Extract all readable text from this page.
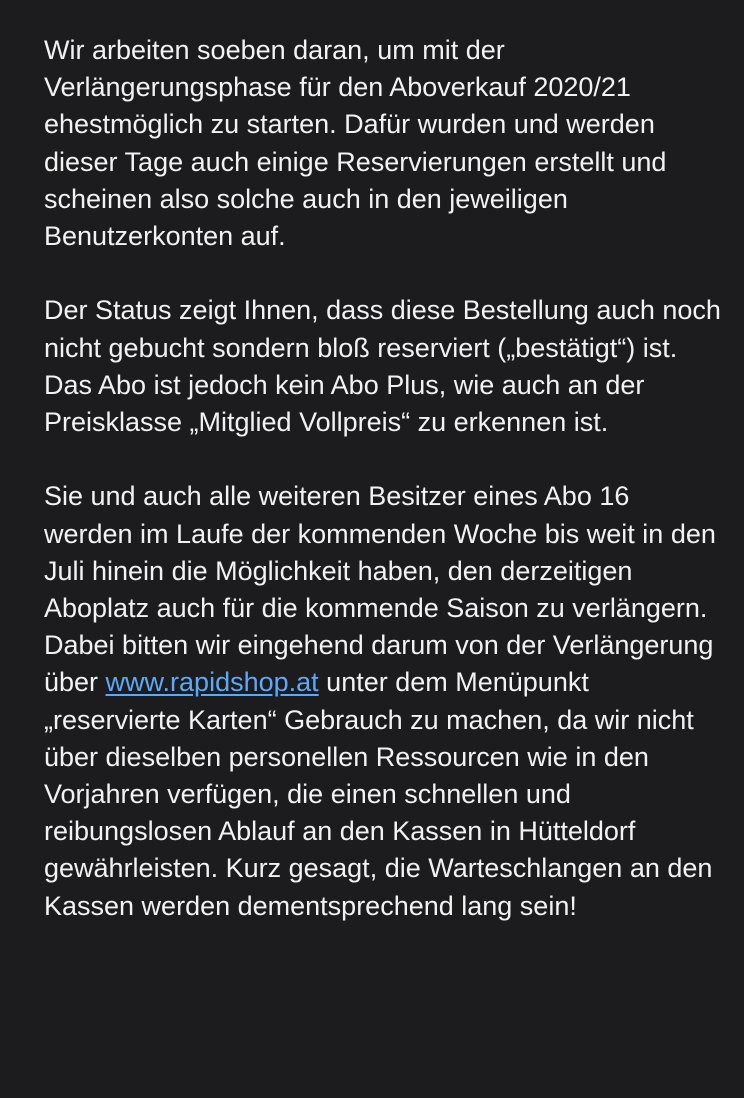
Wir arbeiten soeben daran, um mit der Verlängerungsphase für den Aboverkauf 2020/21 ehestmöglich zu starten. Dafür wurden und werden dieser Tage auch einige Reservierungen erstellt und scheinen also solche auch in den jeweiligen Benutzerkonten auf.

Der Status zeigt Ihnen, dass diese Bestellung auch noch nicht gebucht sondern bloß reserviert („bestätigt“) ist. Das Abo ist jedoch kein Abo Plus, wie auch an der Preisklasse „Mitglied Vollpreis“ zu erkennen ist.

Sie und auch alle weiteren Besitzer eines Abo 16 werden im Laufe der kommenden Woche bis weit in den Juli hinein die Möglichkeit haben, den derzeitigen Aboplatz auch für die kommende Saison zu verlängern. Dabei bitten wir eingehend darum von der Verlängerung über www.rapidshop.at unter dem Menüpunkt „reservierte Karten“ Gebrauch zu machen, da wir nicht über dieselben personellen Ressourcen wie in den Vorjahren verfügen, die einen schnellen und reibungslosen Ablauf an den Kassen in Hütteldorf gewährleisten. Kurz gesagt, die Warteschlangen an den Kassen werden dementsprechend lang sein!
